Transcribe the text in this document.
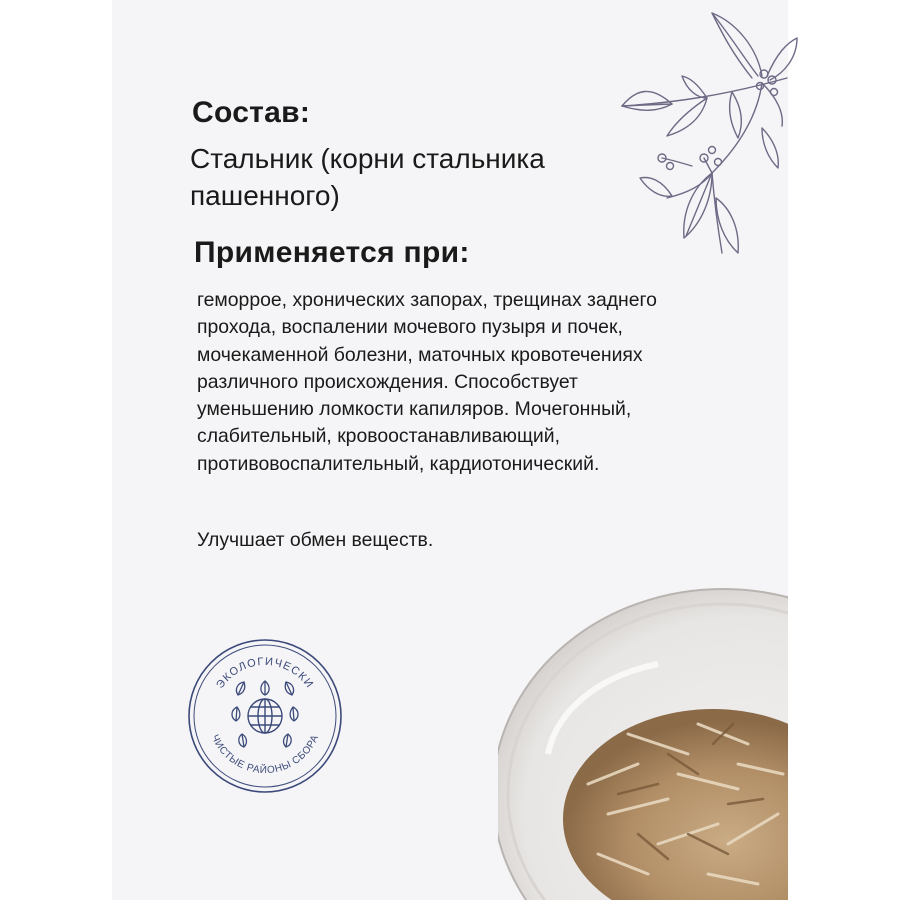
Состав:

Стальник (корни стальника пашенного)

Применяется при:

геморрое, хронических запорах, трещинах заднего прохода, воспалении мочевого пузыря и почек, мочекаменной болезни, маточных кровотечениях различного происхождения. Способствует уменьшению ломкости капиляров. Мочегонный, слабительный, кровоостанавливающий, противовоспалительный, кардиотонический.

Улучшает обмен веществ.

ЭКОЛОГИЧЕСКИ
ЧИСТЫЕ РАЙОНЫ СБОРА
